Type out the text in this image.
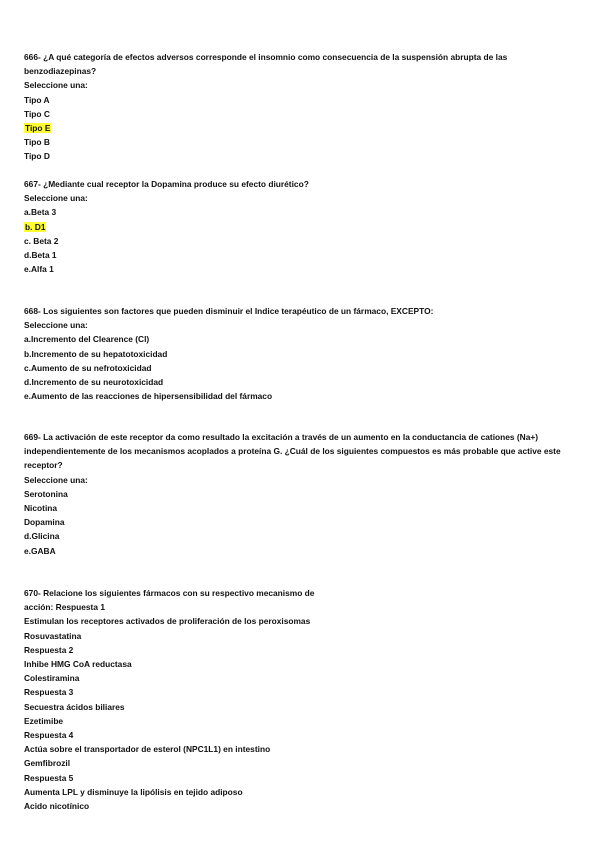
666- ¿A qué categoría de efectos adversos corresponde el insomnio como consecuencia de la suspensión abrupta de las benzodiazepinas?
Seleccione una:
Tipo A
Tipo C
Tipo E
Tipo B
Tipo D
667- ¿Mediante cual receptor la Dopamina produce su efecto diurético?
Seleccione una:
a.Beta 3
b. D1
c. Beta 2
d.Beta 1
e.Alfa 1
668- Los siguientes son factores que pueden disminuir el Indice terapéutico de un fármaco, EXCEPTO:
Seleccione una:
a.Incremento del Clearence (Cl)
b.Incremento de su hepatotoxicidad
c.Aumento de su nefrotoxicidad
d.Incremento de su neurotoxicidad
e.Aumento de las reacciones de hipersensibilidad del fármaco
669- La activación de este receptor da como resultado la excitación a través de un aumento en la conductancia de cationes (Na+) independientemente de los mecanismos acoplados a proteína G. ¿Cuál de los siguientes compuestos es más probable que active este receptor?
Seleccione una:
Serotonina
Nicotina
Dopamina
d.Glicina
e.GABA
670- Relacione los siguientes fármacos con su respectivo mecanismo de
acción: Respuesta 1
Estimulan los receptores activados de proliferación de los peroxisomas
Rosuvastatina
Respuesta 2
Inhibe HMG CoA reductasa
Colestiramina
Respuesta 3
Secuestra ácidos biliares
Ezetimibe
Respuesta 4
Actúa sobre el transportador de esterol (NPC1L1) en intestino
Gemfibrozil
Respuesta 5
Aumenta LPL y disminuye la lipólisis en tejido adiposo
Acido nicotínico
